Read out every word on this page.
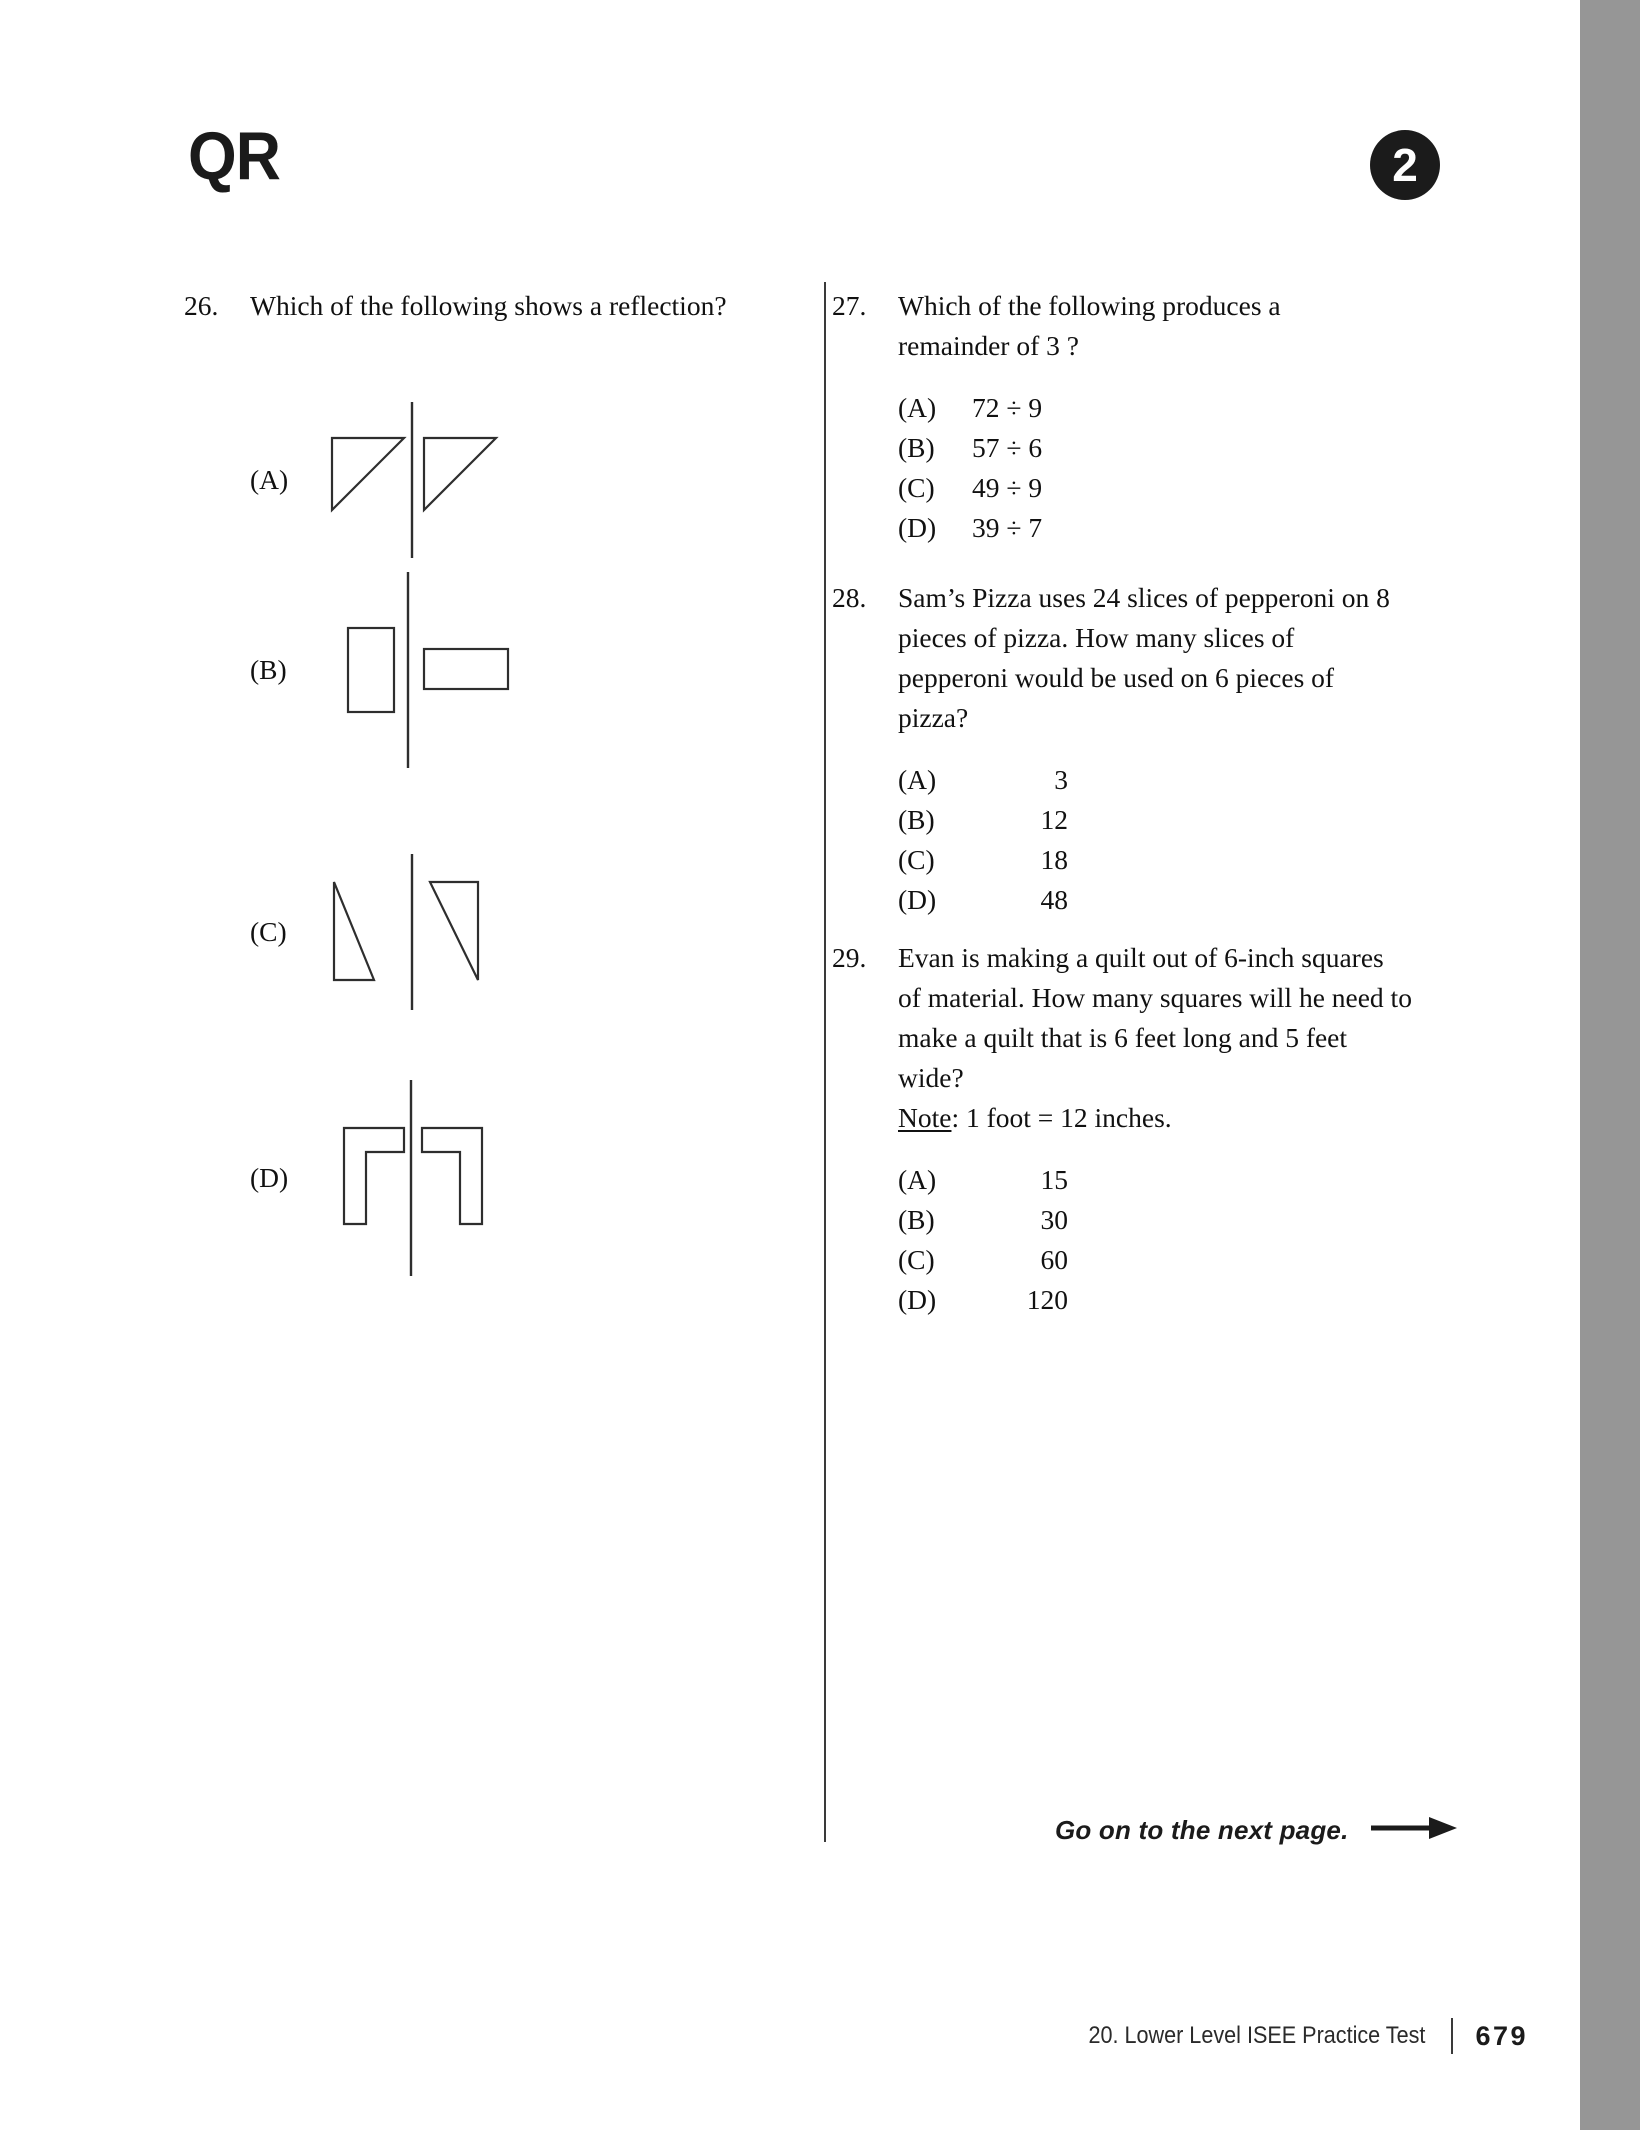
QR	2
26.	Which of the following shows a reflection?
(A)
(B)
(C)
(D)
27.	Which of the following produces a remainder of 3 ?
(A)	72 ÷ 9
(B)	57 ÷ 6
(C)	49 ÷ 9
(D)	39 ÷ 7
28.	Sam’s Pizza uses 24 slices of pepperoni on 8 pieces of pizza. How many slices of pepperoni would be used on 6 pieces of pizza?
(A)	3
(B)	12
(C)	18
(D)	48
29.	Evan is making a quilt out of 6-inch squares of material. How many squares will he need to make a quilt that is 6 feet long and 5 feet wide?
Note: 1 foot = 12 inches.
(A)	15
(B)	30
(C)	60
(D)	120
Go on to the next page.
20. Lower Level ISEE Practice Test 679
